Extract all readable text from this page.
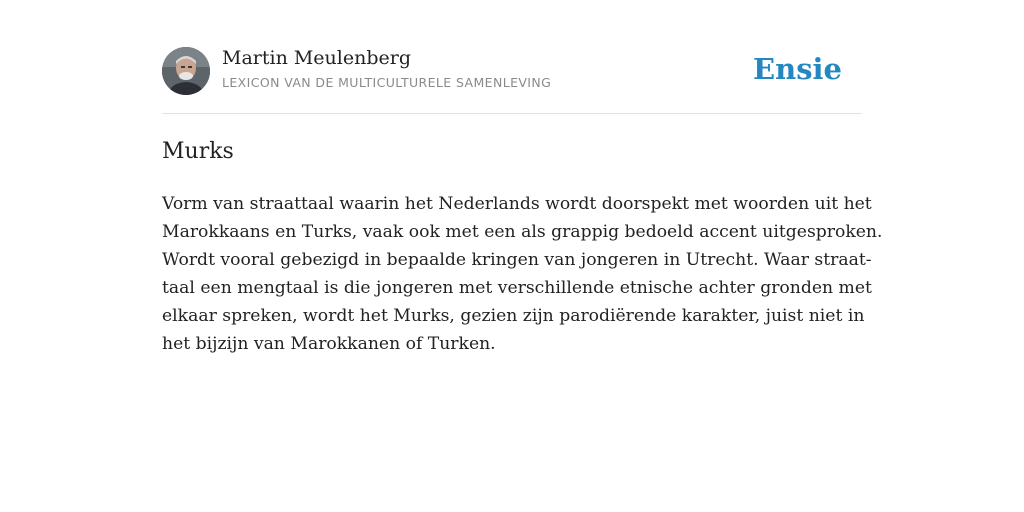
Martin Meulenberg
LEXICON VAN DE MULTICULTURELE SAMENLEVING	Ensie
Murks

Vorm van straattaal waarin het Nederlands wordt doorspekt met woorden uit het
Marokkaans en Turks, vaak ook met een als grappig bedoeld accent uitgesproken.
Wordt vooral gebezigd in bepaalde kringen van jongeren in Utrecht. Waar straat-
taal een mengtaal is die jongeren met verschillende etnische achter gronden met
elkaar spreken, wordt het Murks, gezien zijn parodiërende karakter, juist niet in
het bijzijn van Marokkanen of Turken.
